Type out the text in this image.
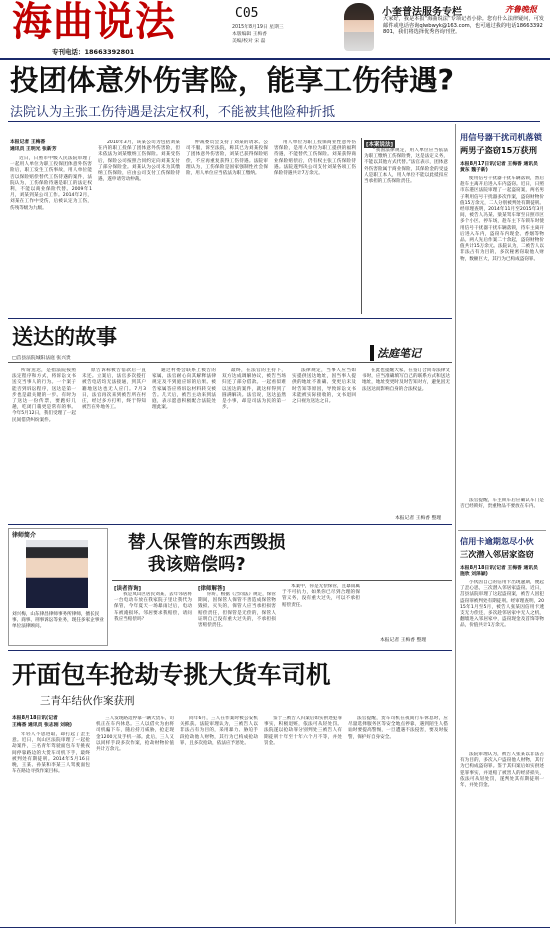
海曲说法
专刊电话：18663392801
C05
2015年8月19日 星期三
本版编辑 王梅香
美编/校对 宋 磊
小奎普法服务专栏	齐鲁晚报
大家好，我是本报“海曲说法”专项记者小徐。您有什么法律疑问，可发邮件或电话咨询qlwbwyk@163.com，也可通过我的电话18663392801，我们将选择优秀咨询刊登。
投团体意外伤害险，能享工伤待遇?
法院认为主张工伤待遇是法定权利，不能被其他险种折抵
本报记者 王梅香
通讯员 王明光 张新芳
近日，日照市中级人民法院审理了一起用人单位为职工投保团体意外伤害险后，职工发生工伤事故，用人单位能否以保险赔偿替代工伤待遇的案件，法院认为，工伤保险待遇是职工的法定权利，不能以商业保险代替。2009年1月，刘某到某公司工作。2014年2月，刘某在工作中受伤，后被认定为工伤，伤残等级为九级。
2010年3月，该某公司为包括刘某在内的职工投保了团体意外伤害险，但未依法为刘某缴纳工伤保险。刘某受伤后，保险公司按照合同约定向刘某支付了部分保险金。刘某认为公司未为其缴纳工伤保险，应由公司支付工伤保险待遇，遂申请劳动仲裁。
仲裁委员会支持了刘某的请求。公司不服，诉至法院，称其已为刘某投保了团体意外伤害险，刘某已获得保险赔偿，不应再重复获得工伤待遇。法院审理认为，工伤保险是国家强制性社会保险，用人单位应当依法为职工缴纳。
用人单位为职工投保商业性意外伤害保险，是用人单位为职工提供的福利待遇，不能替代工伤保险。刘某获得商业保险赔偿后，仍有权主张工伤保险待遇。法院遂判决公司支付刘某各项工伤保险待遇共计7万余元。
[本案说法]
“我国法律规定，用人单位应当依法为职工缴纳工伤保险费，这是法定义务，不能以其他方式代替。”法官表示，团体意外伤害险属于商业保险，其保险金的受益人是职工本人，用人单位不能以此抵扣应当承担的工伤保险责任。
用信号器干扰司机落锁
两男子盗窃15万获刑
本报8月17日讯(记者 王梅香 通讯员 黄东 魏子新)
使用信号干扰器干扰车辆落锁，然后趁车主离开后进入车内盗窃。近日，日照市东港区法院审理了一起盗窃案，两名男子利用信号干扰器多次作案，盗窃财物价值15万余元，二人分别被判处有期徒刑。经审理查明，2014年11月至2015年3月间，被告人冯某、梁某驾车窜至日照市区多个小区、停车场，趁车主下车锁车时使用信号干扰器干扰车辆落锁，待车主离开后进入车内，盗窃车内现金、香烟等物品。两人先后作案二十余起，盗窃财物价值共计15万余元。法院认为，二被告人以非法占有为目的，多次秘密窃取他人财物，数额巨大，其行为已构成盗窃罪。
法官提醒，车主锁车后应确认车门是否已经锁好，贵重物品不要放在车内。
信用卡逾期忽尽小伙
三次潜入邻居家盗窃
本报8月18日讯(记者 王梅香 通讯员 施欣 刘泽颖)
小伙因自己的信用卡出现逾期，便起了歪心思，三次潜入邻居家盗窃。近日，莒县法院审理了这起盗窃案，被告人因犯盗窃罪被判处有期徒刑。经审理查明，2015年1月至5月，被告人张某因信用卡透支无力偿还，多次趁邻居家中无人之机，翻墙进入邻居家中，盗窃现金及首饰等物品，价值共计1万余元。
法院审理认为，被告人张某以非法占有为目的，多次入户盗窃他人财物，其行为已构成盗窃罪。鉴于其归案后如实供述犯罪事实，并退赔了被害人的经济损失，依法可从轻处罚，遂判处其有期徒刑一年，并处罚金。
送达的故事
法庭笔记
□莒县法院城阳法庭 张兴贵
所谓送达，是指法院按照法定程序和方式，将诉讼文书送交当事人的行为。一个案子能否到诉讼程序，送达是第一步也是最关键的一步。有时为了送达一份传票，要跑好几趟，吃闭门羹更是常有的事。今年5月12日，我们受理了一起民间借贷纠纷案件。
原告诉称被告借款后一直未还。立案后，法官多次拨打被告电话均无法接通，到其户籍地送达也无人应门。7月3日，法官再次来到被告所在村庄，经过多方打听，终于得知被告在外地务工。
通过村委会联系上被告的家属，法官耐心向其解释法律规定及不到庭应诉的后果。被告家属答应将诉讼材料转交被告。几天后，被告主动来到法庭，表示愿意积极配合法院处理此案。
最终，在法官的主持下，双方达成调解协议，被告当场归还了部分借款。一起看似难以送达的案件，就这样得到了圆满解决。法官说，送达虽然是小事，却是司法为民的第一步。
法律规定，当事人应当如实提供送达地址，因当事人提供的地址不准确、变更后未及时告知等原因，导致诉讼文书未能被实际接收的，文书退回之日视为送达之日。
在此也提醒大家，在签订合同等法律文书时，应当准确填写自己的联系方式和送达地址，地址变更时及时告知对方，避免因无法送达而影响自身的合法权益。
本报记者 王梅香 整理
律师简介
刘兴梅，山东律昌律师事务所律师，擅长民事、商事、刑事诉讼等业务，现任多家企事业单位法律顾问。
替人保管的东西毁损
我该赔偿吗?
[读者咨询]
我是岚山区居民刘某，去年邻居将一台电动车放在我家院子里让我代为保管，今年夏天一场暴雨过后，电动车被淹损坏。邻居要求我赔偿，请问我应当赔偿吗？
[律师解答]
你好，根据《合同法》规定，保管期间，因保管人保管不善造成保管物毁损、灭失的，保管人应当承担损害赔偿责任，但保管是无偿的，保管人证明自己没有重大过失的，不承担损害赔偿责任。
本案中，你是无偿保管，且暴雨属于不可抗力，如果你已尽到合理的保管义务，没有重大过失，可以不承担赔偿责任。
本报记者 王梅香 整理
开面包车抢劫专挑大货车司机
三青年结伙作案获刑
本报8月18日讯(记者
王梅香 通讯员 张志刚 刘晓)
年轻人不思进取，却打起了歪主意。近日，岚山区法院审理了一起抢劫案件，三名青年驾驶面包车专挑夜间停靠路边的大货车司机下手，最终被判处有期徒刑。2014年5月16日晚，王某、孙某和李某三人驾驶面包车在路边寻找作案目标。
三人发现路边停靠一辆大货车，司机正在车内休息。三人以借火为由将司机骗下车，随后持刀威胁，抢走现金1200元及手机一部。此后，三人又以同样手段多次作案，抢劫财物价值共计万余元。
同年6月，三人在作案时被公安机关抓获。法院审理认为，三被告人以非法占有为目的，采用暴力、胁迫手段抢劫他人财物，其行为已构成抢劫罪，且多次抢劫，依法应予惩处。
鉴于三被告人归案后如实供述犯罪事实，积极退赃，依法可从轻处罚。法院遂以抢劫罪分别判处三被告人有期徒刑十年至十年六个月不等，并处罚金。
法官提醒，货车司机在夜间行车休息时，应尽量选择服务区等安全地点停靠，遇到陌生人搭讪时要提高警惕，一旦遭遇不法侵害，要及时报警，保护好自身安全。
